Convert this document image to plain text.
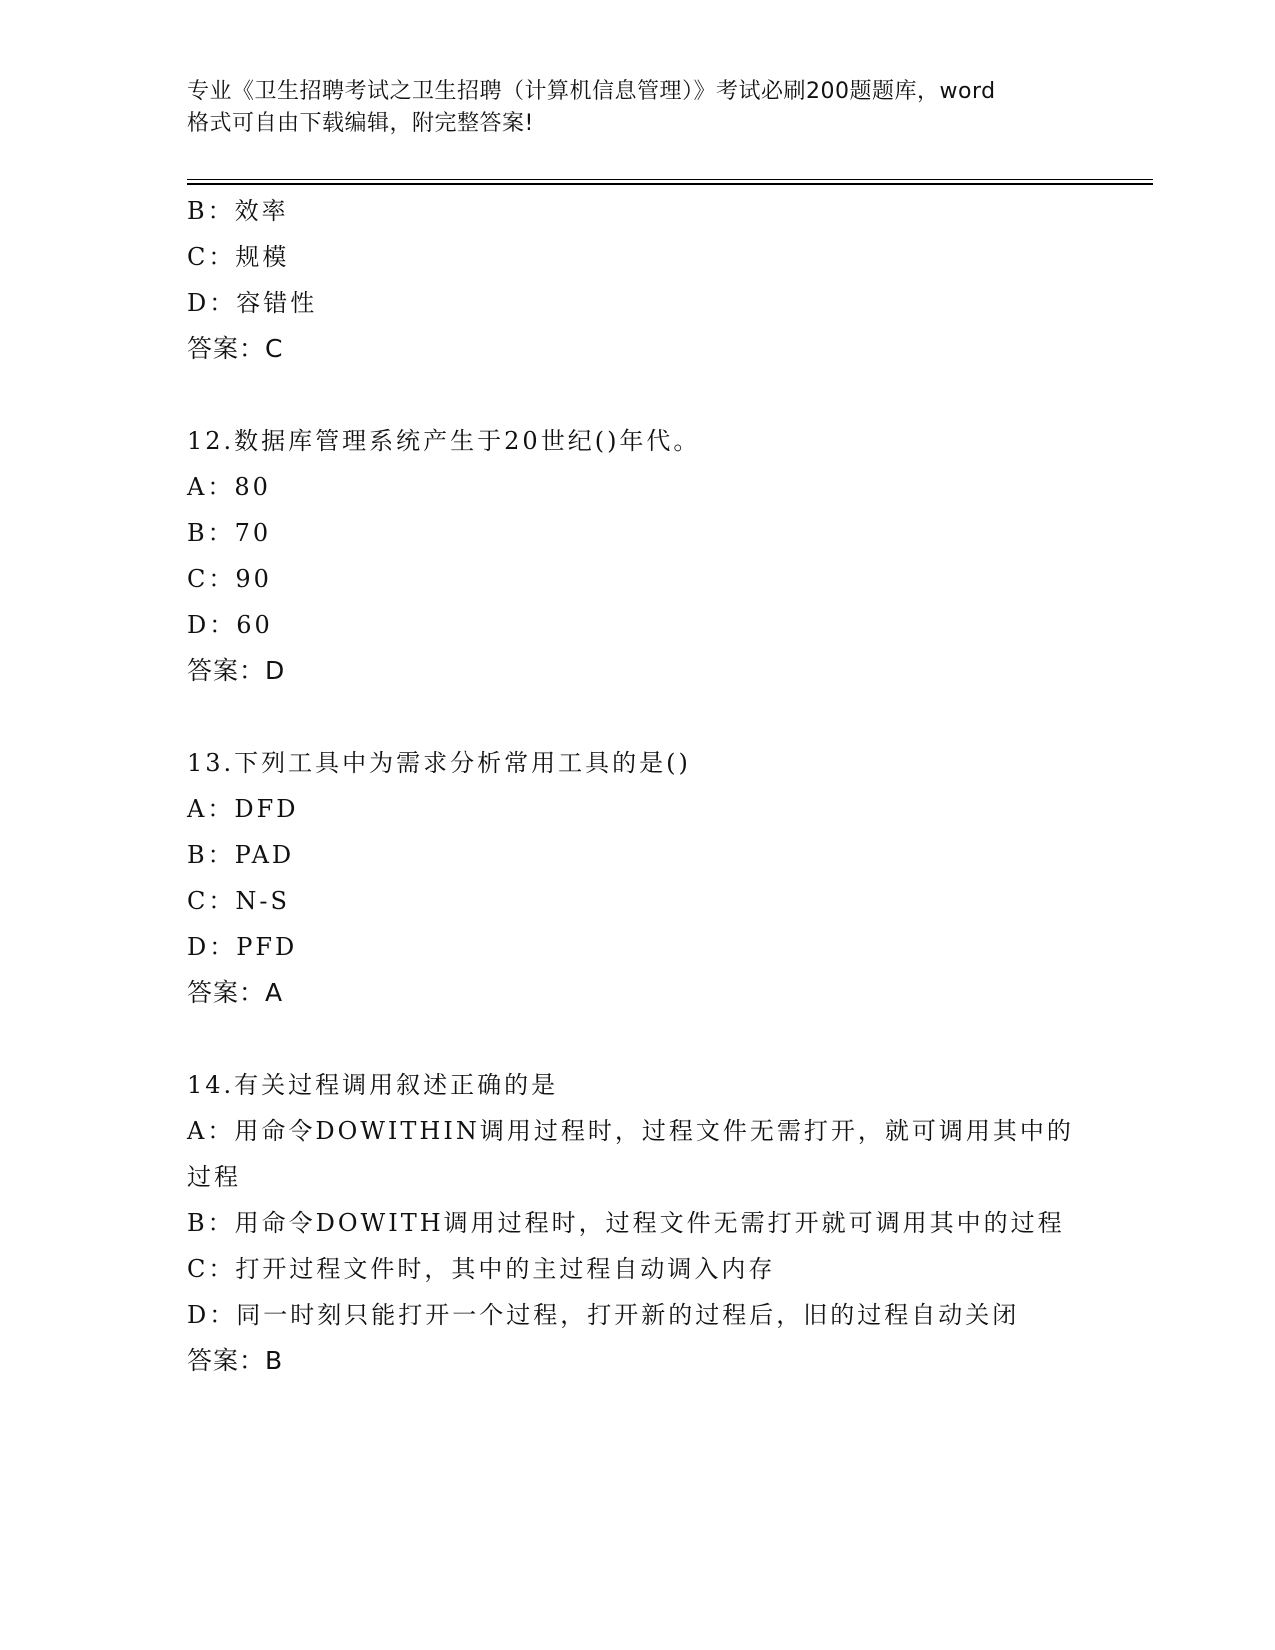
专业《卫生招聘考试之卫生招聘（计算机信息管理）》考试必刷200题题库，word
格式可自由下载编辑，附完整答案!
B：效率
C：规模
D：容错性
答案：C
12.数据库管理系统产生于20世纪()年代。
A：80
B：70
C：90
D：60
答案：D
13.下列工具中为需求分析常用工具的是()
A：DFD
B：PAD
C：N-S
D：PFD
答案：A
14.有关过程调用叙述正确的是
A：用命令DOWITHIN调用过程时，过程文件无需打开，就可调用其中的过程
B：用命令DOWITH调用过程时，过程文件无需打开就可调用其中的过程
C：打开过程文件时，其中的主过程自动调入内存
D：同一时刻只能打开一个过程，打开新的过程后，旧的过程自动关闭
答案：B
